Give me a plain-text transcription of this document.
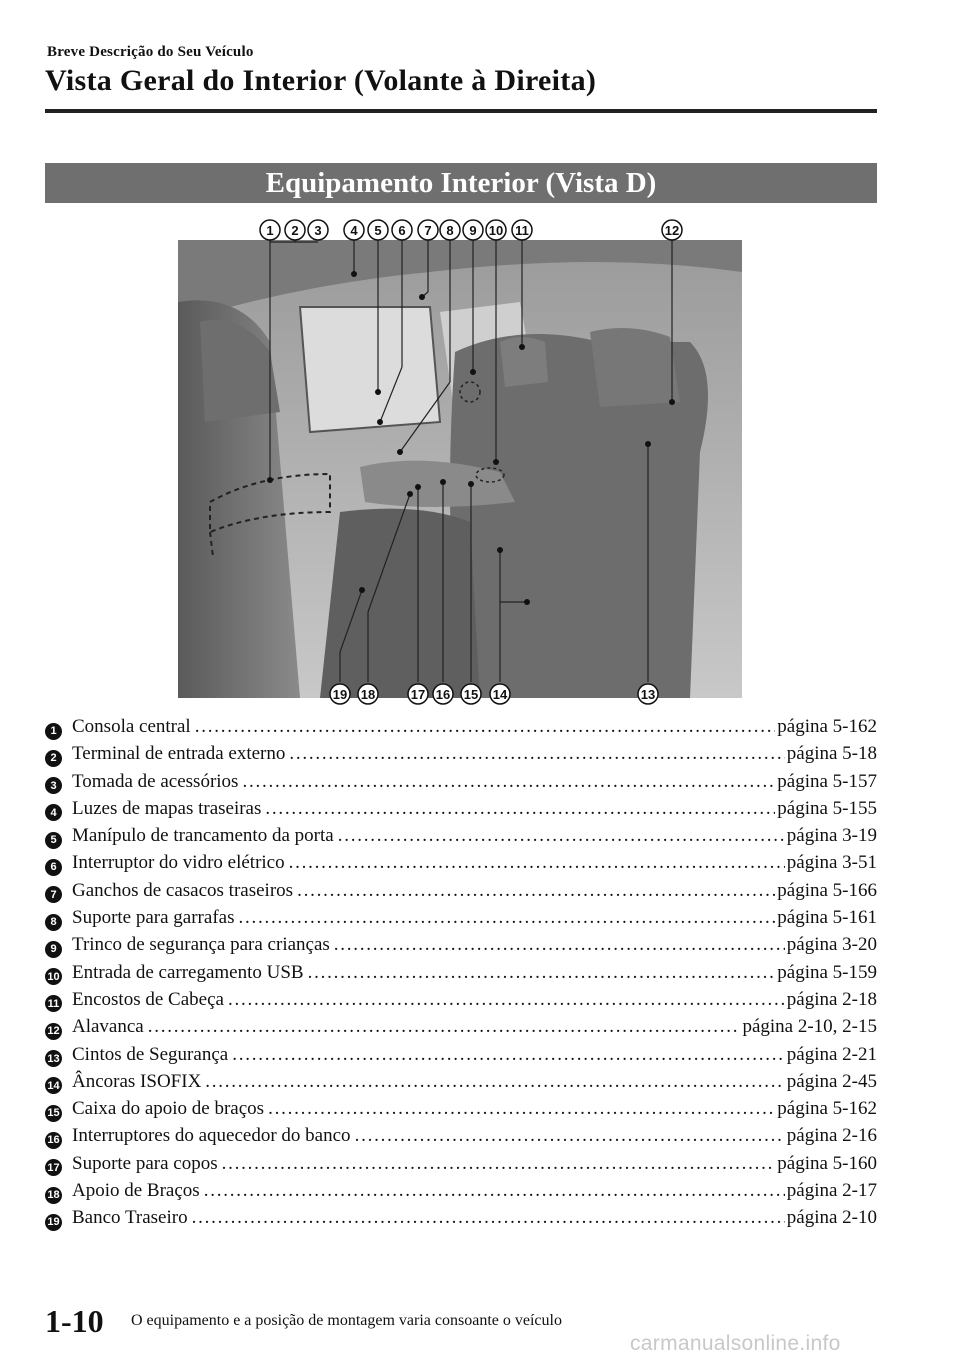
Breve Descrição do Seu Veículo
Vista Geral do Interior (Volante à Direita)
Equipamento Interior (Vista D)
1 2 3 4 5 6 7 8 9 10 11	12
13
14
15
16
17
18
19
1 Consola central . . .	página 5-162
2 Terminal de entrada externo . . .	página 5-18
3 Tomada de acessórios . . .	página 5-157
4 Luzes de mapas traseiras . . .	página 5-155
5 Manípulo de trancamento da porta . . .	página 3-19
6 Interruptor do vidro elétrico . . .	página 3-51
7 Ganchos de casacos traseiros . . .	página 5-166
8 Suporte para garrafas . . .	página 5-161
9 Trinco de segurança para crianças . . .	página 3-20
10 Entrada de carregamento USB . . .	página 5-159
11 Encostos de Cabeça . . .	página 2-18
12 Alavanca . . .	página 2-10, 2-15
13 Cintos de Segurança . . .	página 2-21
14 Âncoras ISOFIX . . .	página 2-45
15 Caixa do apoio de braços . . .	página 5-162
16 Interruptores do aquecedor do banco . . .	página 2-16
17 Suporte para copos . . .	página 5-160
18 Apoio de Braços . . .	página 2-17
19 Banco Traseiro . . .	página 2-10
1-10 O equipamento e a posição de montagem varia consoante o veículo
carmanualsonline.info
